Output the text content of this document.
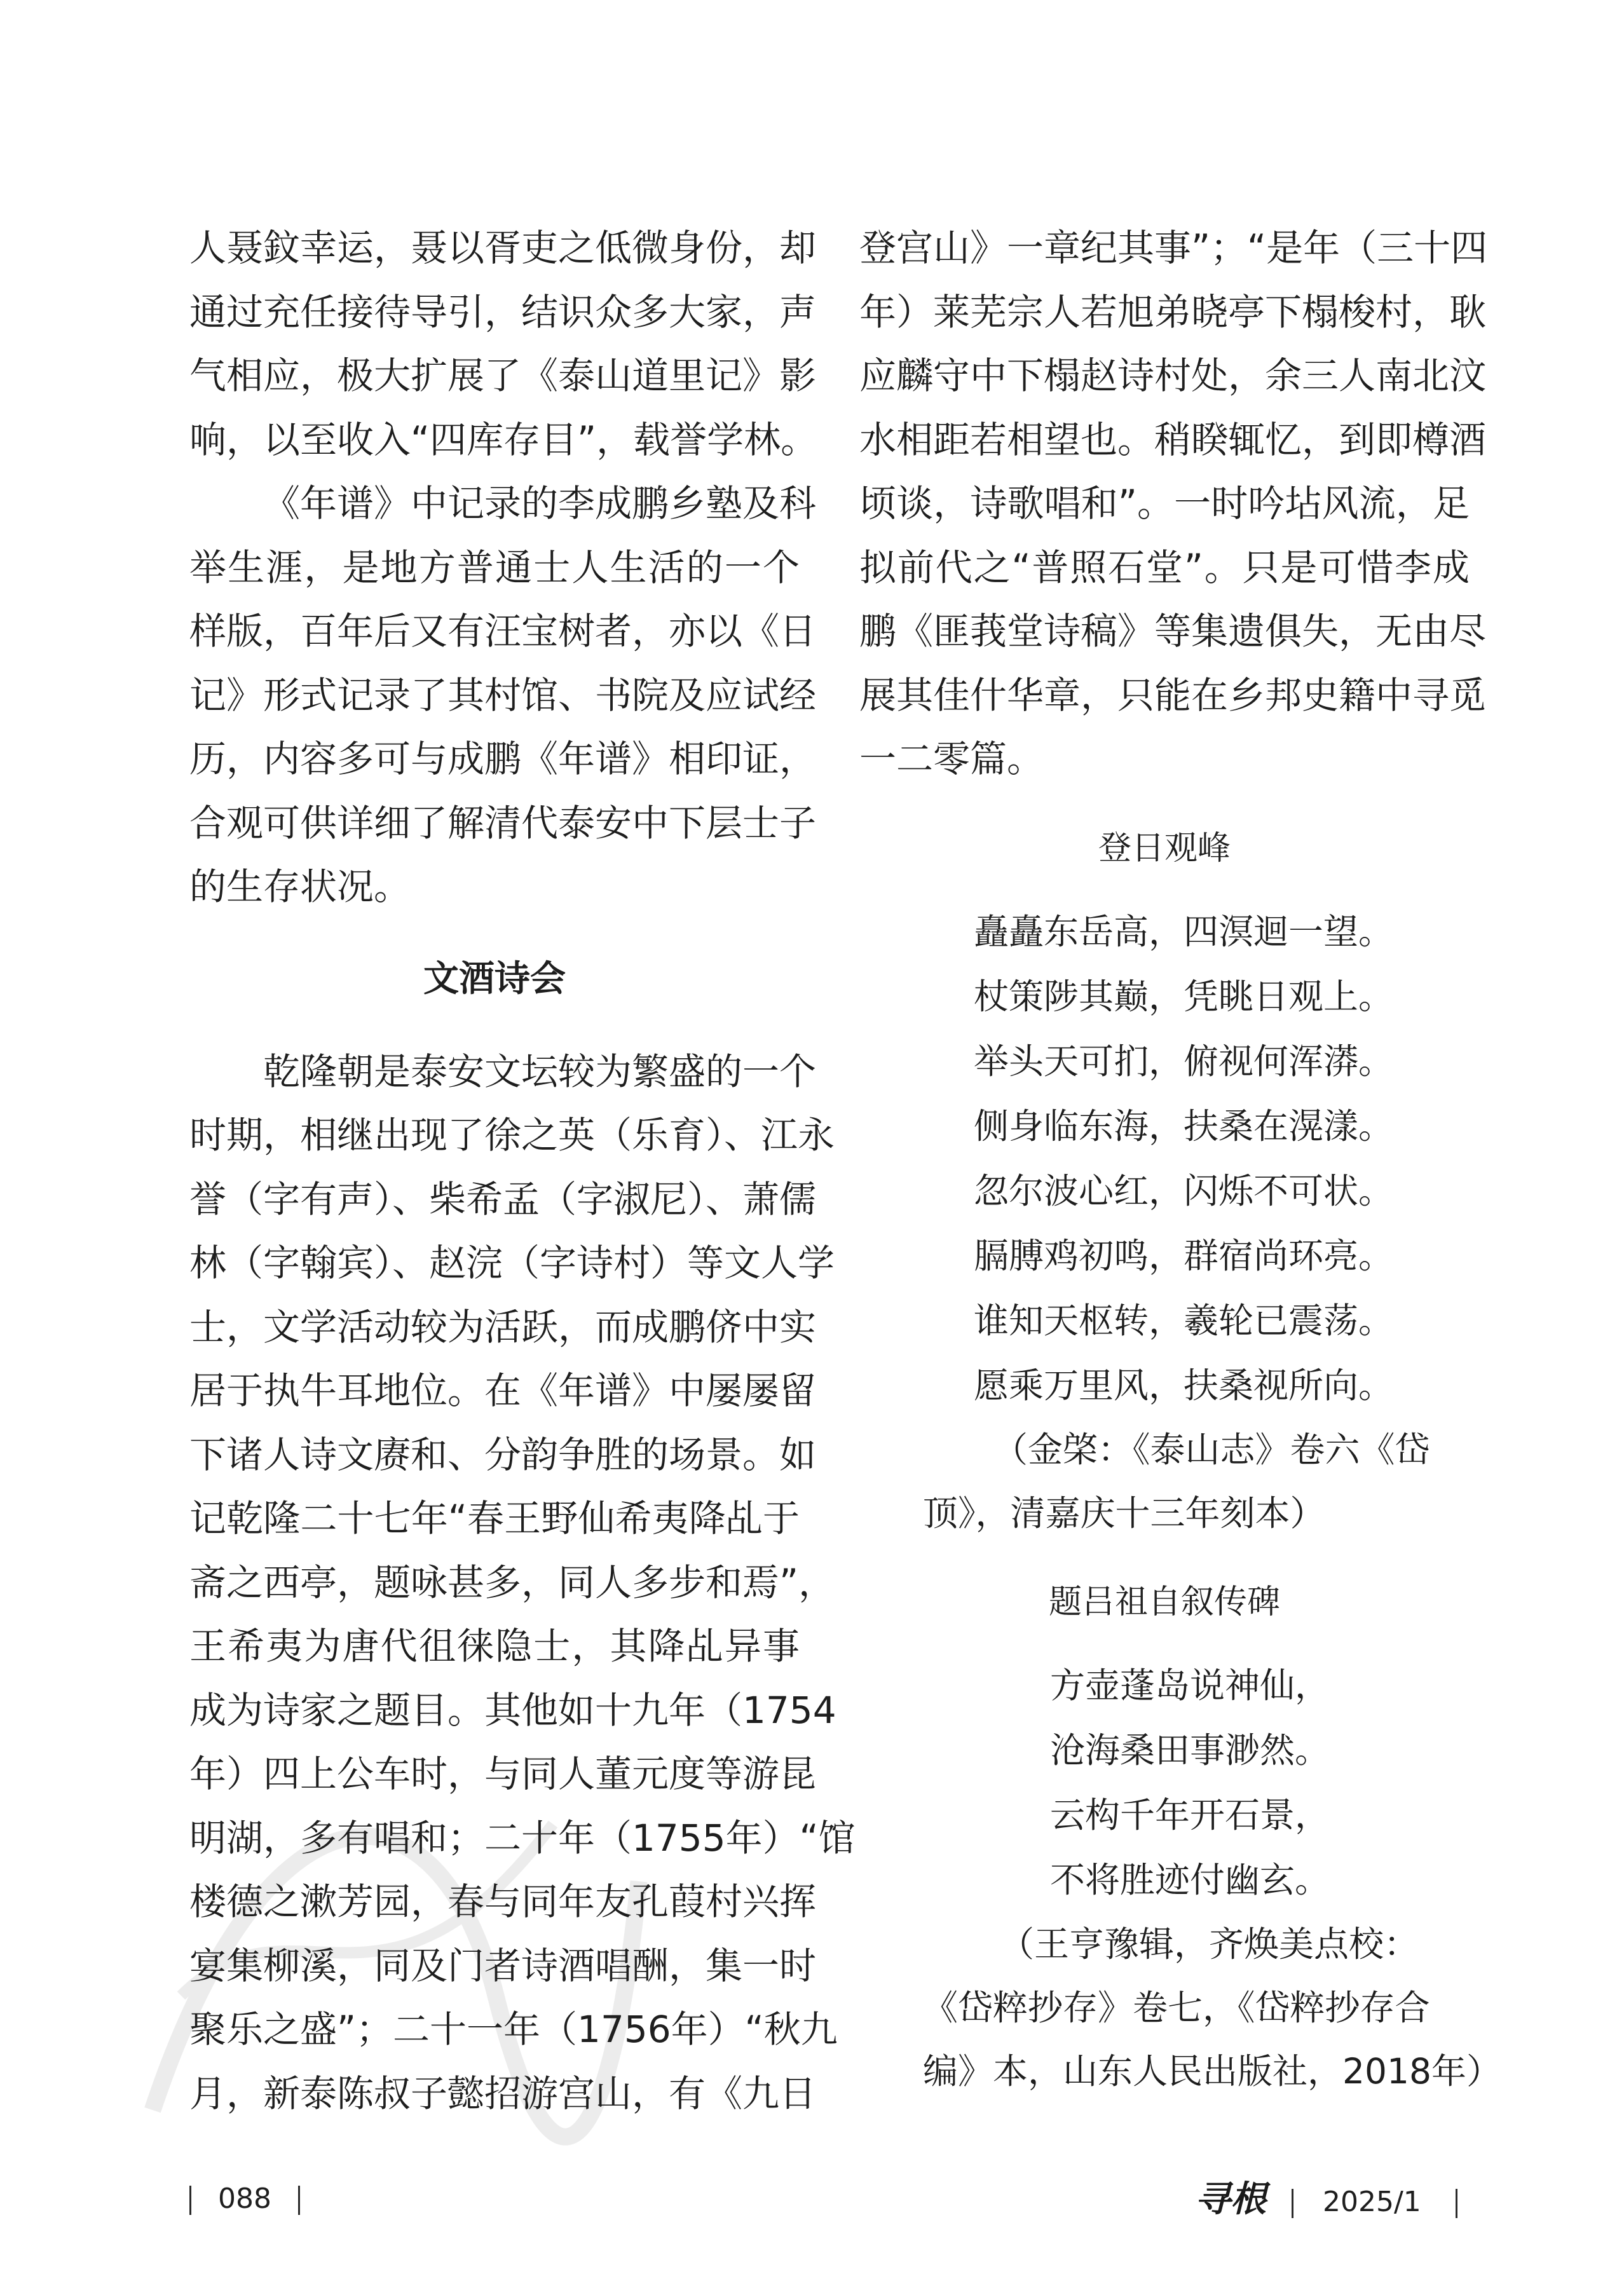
人聂鈫幸运，聂以胥吏之低微身份，却
通过充任接待导引，结识众多大家，声
气相应，极大扩展了《泰山道里记》影
响，以至收入“四库存目”，载誉学林。
《年谱》中记录的李成鹏乡塾及科
举生涯，是地方普通士人生活的一个
样版，百年后又有汪宝树者，亦以《日
记》形式记录了其村馆、书院及应试经
历，内容多可与成鹏《年谱》相印证，
合观可供详细了解清代泰安中下层士子
的生存状况。
文酒诗会
乾隆朝是泰安文坛较为繁盛的一个
时期，相继出现了徐之英（乐育）、江永
誉（字有声）、柴希孟（字淑尼）、萧儒
林（字翰宾）、赵浣（字诗村）等文人学
士，文学活动较为活跃，而成鹏侪中实
居于执牛耳地位。在《年谱》中屡屡留
下诸人诗文赓和、分韵争胜的场景。如
记乾隆二十七年“春王野仙希夷降乩于
斋之西亭，题咏甚多，同人多步和焉”，
王希夷为唐代徂徕隐士，其降乩异事
成为诗家之题目。其他如十九年（1754
年）四上公车时，与同人董元度等游昆
明湖，多有唱和；二十年（1755年）“馆
楼德之漱芳园，春与同年友孔葭村兴挥
宴集柳溪，同及门者诗酒唱酬，集一时
聚乐之盛”；二十一年（1756年）“秋九
月，新泰陈叔子懿招游宫山，有《九日
登宫山》一章纪其事”；“是年（三十四
年）莱芜宗人若旭弟晓亭下榻梭村，耿
应麟守中下榻赵诗村处，余三人南北汶
水相距若相望也。稍睽辄忆，到即樽酒
顷谈，诗歌唱和”。一时吟坫风流，足
拟前代之“普照石堂”。只是可惜李成
鹏《匪莪堂诗稿》等集遗俱失，无由尽
展其佳什华章，只能在乡邦史籍中寻觅
一二零篇。
登日观峰
矗矗东岳高，四溟迴一望。
杖策陟其巅，凭眺日观上。
举头天可扪，俯视何浑漭。
侧身临东海，扶桑在滉漾。
忽尔波心红，闪烁不可状。
膈膊鸡初鸣，群宿尚环亮。
谁知天枢转，羲轮已震荡。
愿乘万里风，扶桑视所向。
（金棨：《泰山志》卷六《岱
顶》，清嘉庆十三年刻本）
题吕祖自叙传碑
方壶蓬岛说神仙，
沧海桑田事渺然。
云构千年开石景，
不将胜迹付幽玄。
（王亨豫辑，齐焕美点校：
《岱粹抄存》卷七，《岱粹抄存合
编》本，山东人民出版社，2018年）
088	寻根 2025/1
